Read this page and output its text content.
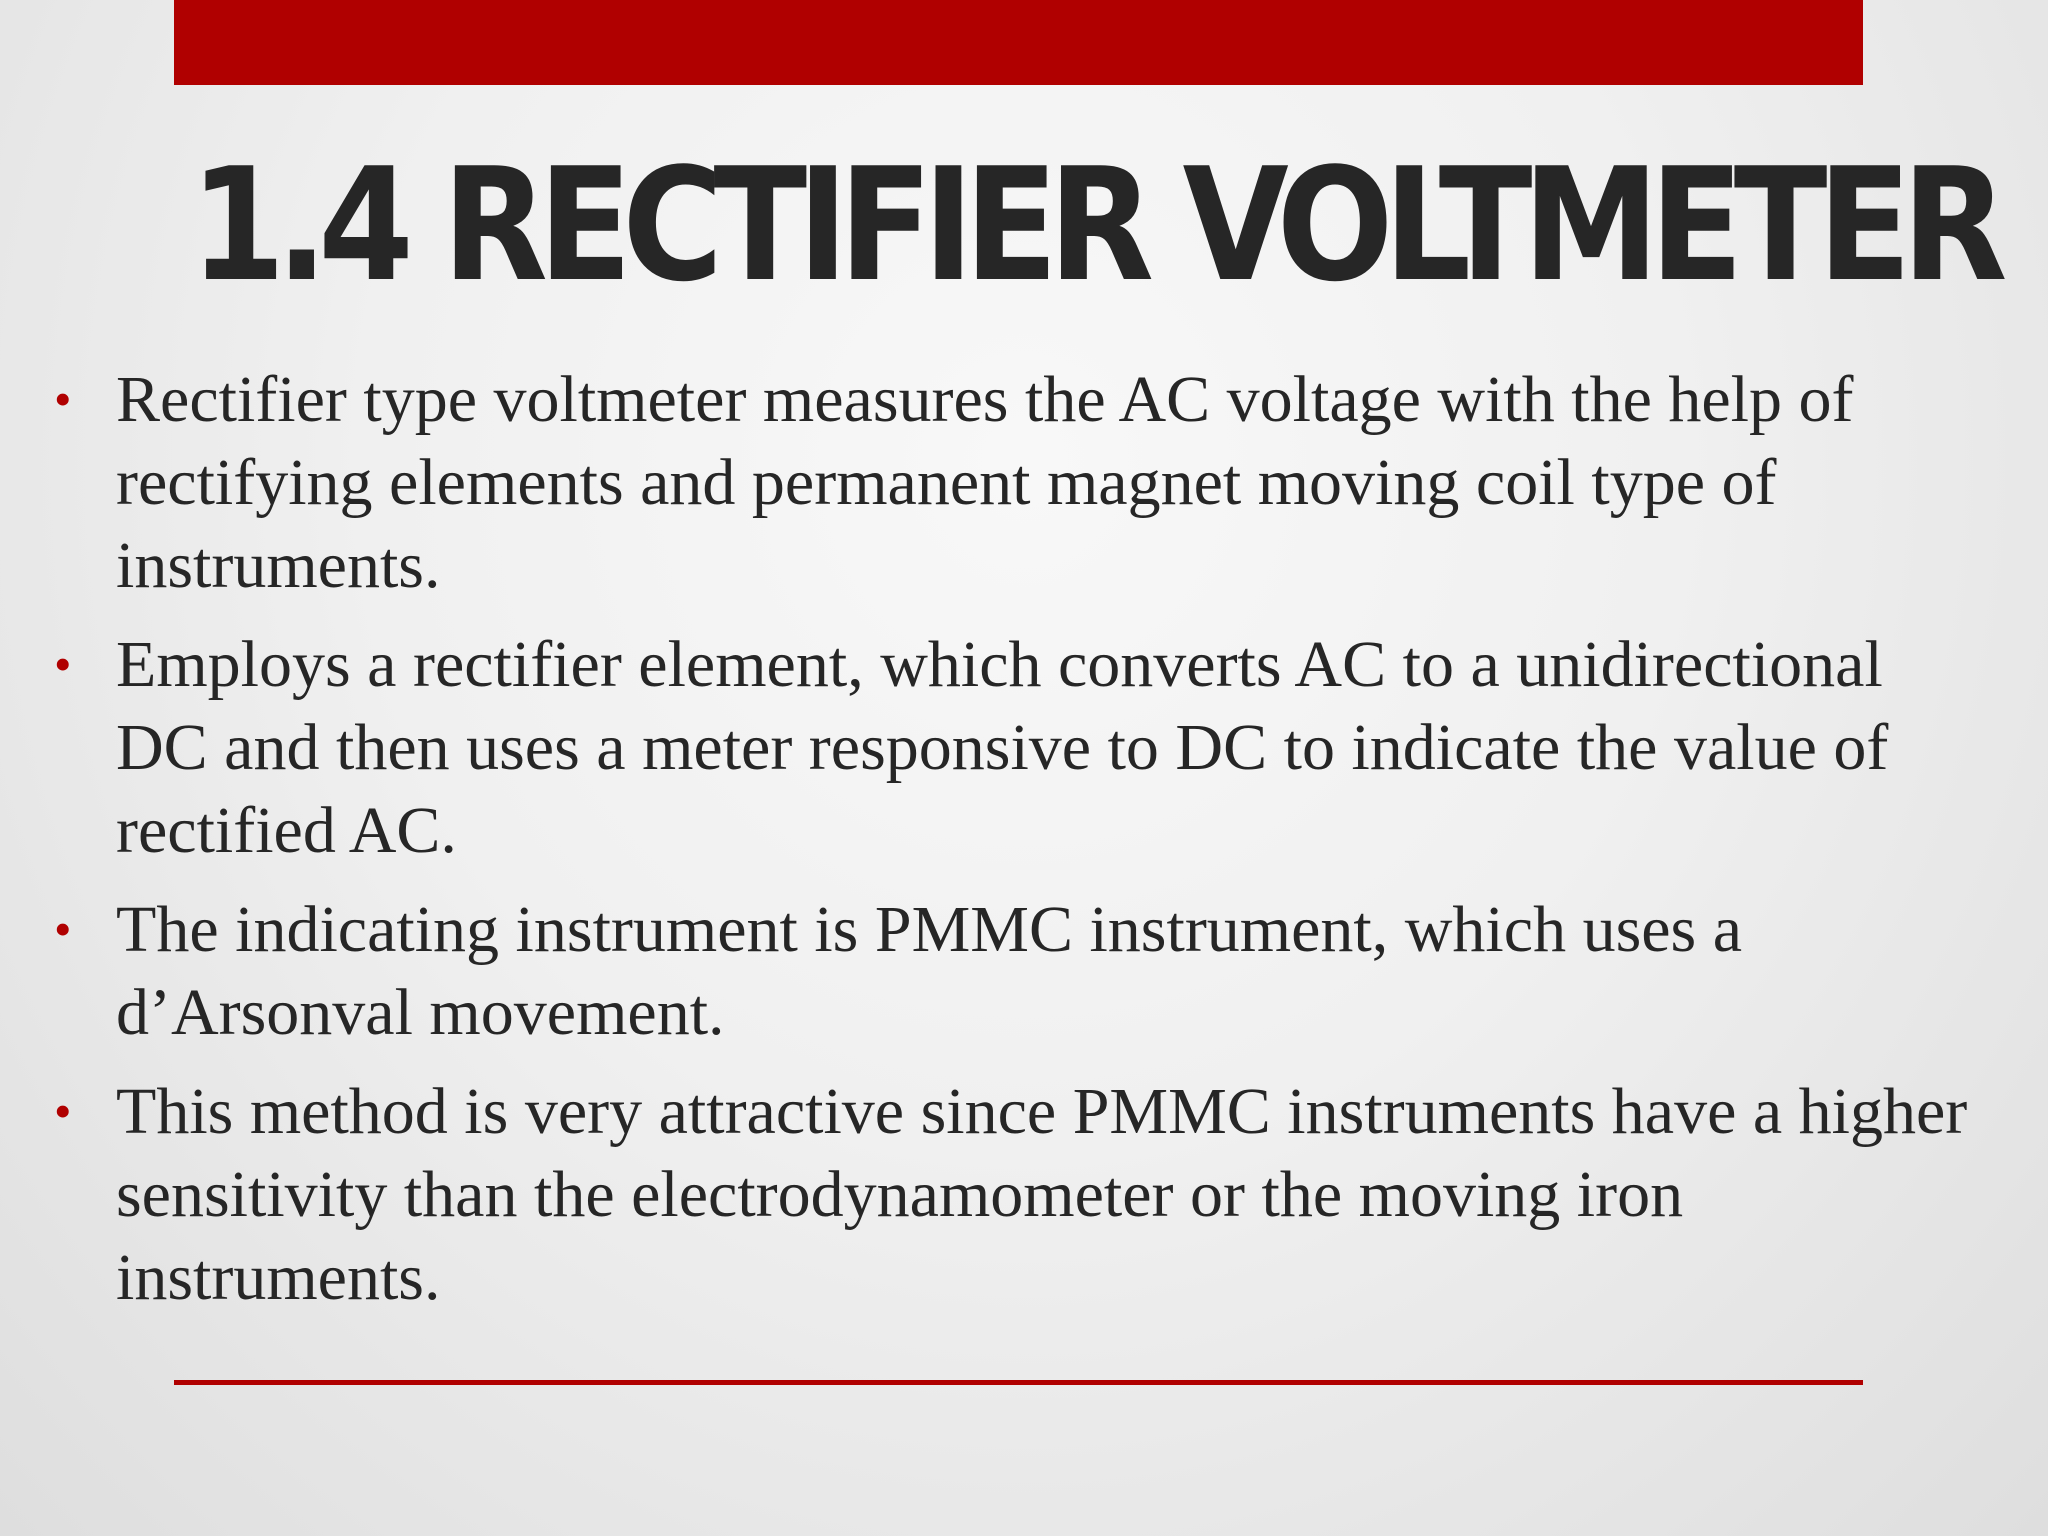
1.4 RECTIFIER VOLTMETER
• Rectifier type voltmeter measures the AC voltage with the help of rectifying elements and permanent magnet moving coil type of instruments.
• Employs a rectifier element, which converts AC to a unidirectional DC and then uses a meter responsive to DC to indicate the value of rectified AC.
• The indicating instrument is PMMC instrument, which uses a d’Arsonval movement.
• This method is very attractive since PMMC instruments have a higher sensitivity than the electrodynamometer or the moving iron instruments.
